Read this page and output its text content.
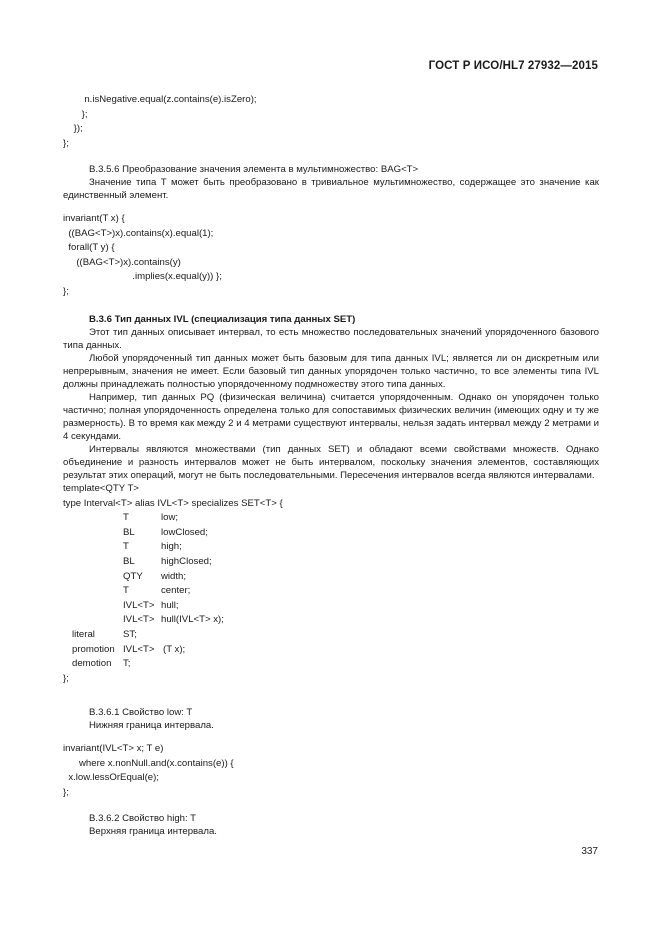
ГОСТ Р ИСО/HL7 27932—2015
n.isNegative.equal(z.contains(e).isZero);
};
});
};
В.3.5.6 Преобразование значения элемента в мультимножество: BAG<T>
Значение типа T может быть преобразовано в тривиальное мультимножество, содержащее это значение как единственный элемент.
invariant(T x) {
((BAG<T>)x).contains(x).equal(1);
forall(T y) {
((BAG<T>)x).contains(y)
.implies(x.equal(y)) };
};
В.3.6 Тип данных IVL (специализация типа данных SET)
Этот тип данных описывает интервал, то есть множество последовательных значений упорядоченного базового типа данных.
Любой упорядоченный тип данных может быть базовым для типа данных IVL; является ли он дискретным или непрерывным, значения не имеет. Если базовый тип данных упорядочен только частично, то все элементы типа IVL должны принадлежать полностью упорядоченному подмножеству этого типа данных.
Например, тип данных PQ (физическая величина) считается упорядоченным. Однако он упорядочен только частично; полная упорядоченность определена только для сопоставимых физических величин (имеющих одну и ту же размерность). В то время как между 2 и 4 метрами существуют интервалы, нельзя задать интервал между 2 метрами и 4 секундами.
Интервалы являются множествами (тип данных SET) и обладают всеми свойствами множеств. Однако объединение и разность интервалов может не быть интервалом, поскольку значения элементов, составляющих результат этих операций, могут не быть последовательными. Пересечения интервалов всегда являются интервалами.
template<QTY T>
type Interval<T> alias IVL<T> specializes SET<T> {
T	low;
BL	lowClosed;
T	high;
BL	highClosed;
QTY width;
T	center;
IVL<T> hull;
IVL<T> hull(IVL<T> x);
literal	ST;
promotion IVL<T> (T x);
demotion T;
};
В.3.6.1 Свойство low: T
Нижняя граница интервала.
invariant(IVL<T> x; T e)
where x.nonNull.and(x.contains(e)) {
x.low.lessOrEqual(e);
};
В.3.6.2 Свойство high: T
Верхняя граница интервала.
337
